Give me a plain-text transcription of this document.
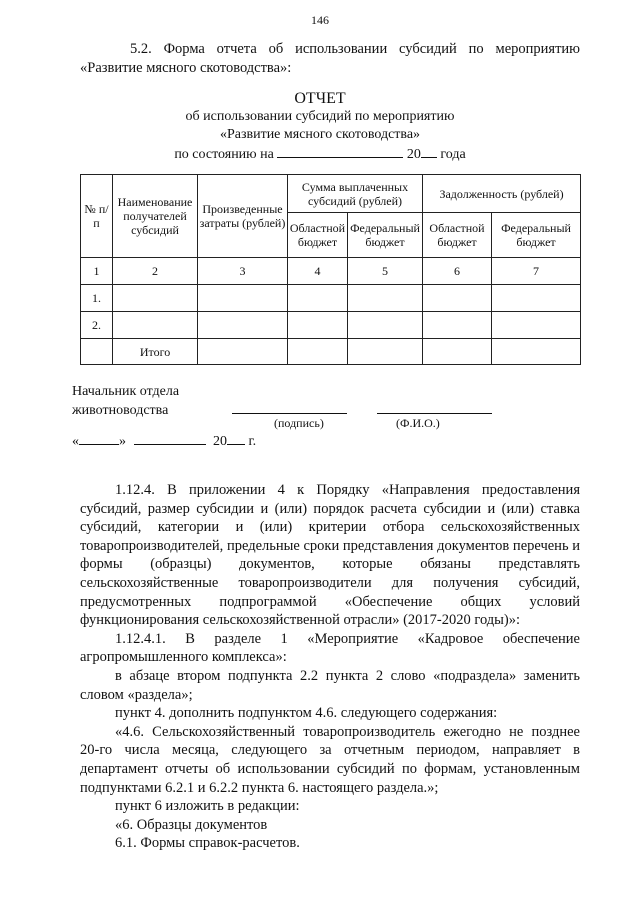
146
5.2. Форма отчета об использовании субсидий по мероприятию «Развитие мясного скотоводства»:
ОТЧЕТ
об использовании субсидий по мероприятию
«Развитие мясного скотоводства»
по состоянию на	20 года
№ п/п	Наименование получателей субсидий	Произведенные затраты (рублей)	Сумма выплаченных субсидий (рублей)		Задолженность (рублей)	
			Областной бюджет	Федеральный бюджет	Областной бюджет	Федеральный бюджет
1	2	3	4	5	6	7
1.						
2.						
	Итого					
Начальник отдела
животноводства
(подпись)	(Ф.И.О.)
«	»	20 г.

1.12.4. В приложении 4 к Порядку «Направления предоставления субсидий, размер субсидии и (или) порядок расчета субсидии и (или) ставка субсидий, категории и (или) критерии отбора сельскохозяйственных товаропроизводителей, предельные сроки представления документов перечень и формы (образцы) документов, которые обязаны представлять сельскохозяйственные товаропроизводители для получения субсидий, предусмотренных подпрограммой «Обеспечение общих условий функционирования сельскохозяйственной отрасли» (2017-2020 годы)»:

1.12.4.1. В разделе 1 «Мероприятие «Кадровое обеспечение агропромышленного комплекса»:

в абзаце втором подпункта 2.2 пункта 2 слово «подраздела» заменить словом «раздела»;

пункт 4. дополнить подпунктом 4.6. следующего содержания:

«4.6. Сельскохозяйственный товаропроизводитель ежегодно не позднее 20-го числа месяца, следующего за отчетным периодом, направляет в департамент отчеты об использовании субсидий по формам, установленным подпунктами 6.2.1 и 6.2.2 пункта 6. настоящего раздела.»;

пункт 6 изложить в редакции:

«6. Образцы документов

6.1. Формы справок-расчетов.
